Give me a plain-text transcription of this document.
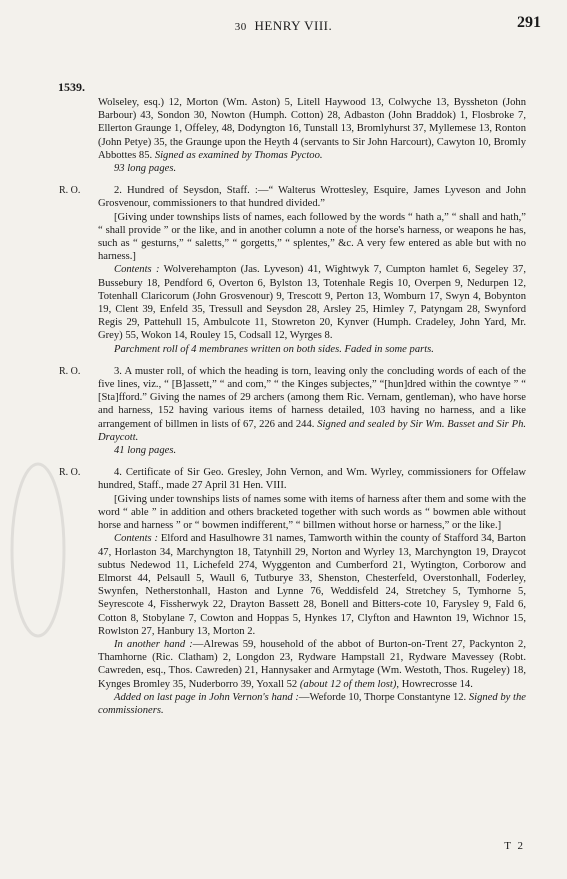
30 HENRY VIII.	291
1539.

Wolseley, esq.) 12, Morton (Wm. Aston) 5, Litell Haywood 13, Colwyche 13, Byssheton (John Barbour) 43, Sondon 30, Nowton (Humph. Cotton) 28, Adbaston (John Braddok) 1, Flosbroke 7, Ellerton Graunge 1, Offeley, 48, Dodyngton 16, Tunstall 13, Bromlyhurst 37, Myllemese 13, Ronton (John Petye) 35, the Graunge upon the Heyth 4 (servants to Sir John Harcourt), Cawyton 10, Bromly Abbottes 85. Signed as examined by Thomas Pyctoo.

93 long pages.

R. O.	2. Hundred of Seysdon, Staff. :—“ Walterus Wrottesley, Esquire, James Lyveson and John Grosvenour, commissioners to that hundred divided.”

[Giving under townships lists of names, each followed by the words “ hath a,” “ shall and hath,” “ shall provide ” or the like, and in another column a note of the horse's harness, or weapons he has, such as “ gesturns,” “ saletts,” “ gorgetts,” “ splentes,” &c. A very few entered as able but with no harness.]

Contents : Wolverehampton (Jas. Lyveson) 41, Wightwyk 7, Cumpton hamlet 6, Segeley 37, Bussebury 18, Pendford 6, Overton 6, Bylston 13, Totenhale Regis 10, Overpen 9, Nedurpen 12, Totenhall Claricorum (John Grosvenour) 9, Trescott 9, Perton 13, Womburn 17, Swyn 4, Bobynton 19, Clent 39, Enfeld 35, Tressull and Seysdon 28, Arsley 25, Himley 7, Patyngam 28, Swynford Regis 29, Pattehull 15, Ambulcote 11, Stowreton 20, Kynver (Humph. Cradeley, John Yard, Mr. Grey) 55, Wokon 14, Rouley 15, Codsall 12, Wyrges 8.

Parchment roll of 4 membranes written on both sides. Faded in some parts.

R. O.	3. A muster roll, of which the heading is torn, leaving only the concluding words of each of the five lines, viz., “ [B]assett,” “ and com,” “ the Kinges subjectes,” “[hun]dred within the cowntye ” “ [Sta]fford.” Giving the names of 29 archers (among them Ric. Vernam, gentleman), who have horse and harness, 152 having various items of harness detailed, 103 having no harness, and a like arrangement of billmen in lists of 67, 226 and 244. Signed and sealed by Sir Wm. Basset and Sir Ph. Draycott.

41 long pages.

R. O.	4. Certificate of Sir Geo. Gresley, John Vernon, and Wm. Wyrley, commissioners for Offelaw hundred, Staff., made 27 April 31 Hen. VIII.

[Giving under townships lists of names some with items of harness after them and some with the word “ able ” in addition and others bracketed together with such words as “ bowmen able without horse and harness ” or “ bowmen indifferent,” “ billmen without horse or harness,” or the like.]

Contents : Elford and Hasulhowre 31 names, Tamworth within the county of Stafford 34, Barton 47, Horlaston 34, Marchyngton 18, Tatynhill 29, Norton and Wyrley 13, Marchyngton 19, Draycot subtus Nedewod 11, Lichefeld 274, Wyggenton and Cumberford 21, Wytington, Corborow and Elmorst 44, Pelsaull 5, Waull 6, Tutburye 33, Shenston, Chesterfeld, Overstonhall, Foderley, Swynfen, Netherstonhall, Haston and Lynne 76, Weddisfeld 24, Stretchey 5, Tymhorne 5, Seyrescote 4, Fissherwyk 22, Drayton Bassett 28, Bonell and Bitters-cote 10, Farysley 9, Fald 6, Cotton 8, Stobylane 7, Cowton and Hoppas 5, Hynkes 17, Clyfton and Hawnton 19, Wichnor 15, Rowlston 27, Hanbury 13, Morton 2.

In another hand :—Alrewas 59, household of the abbot of Burton-on-Trent 27, Packynton 2, Thamhorne (Ric. Clatham) 2, Longdon 23, Rydware Hampstall 21, Rydware Mavessey (Robt. Cawreden, esq., Thos. Cawreden) 21, Hannysaker and Armytage (Wm. Westoth, Thos. Rugeley) 18, Kynges Bromley 35, Nuderborro 39, Yoxall 52 (about 12 of them lost), Howrecrosse 14.

Added on last page in John Vernon's hand :—Weforde 10, Thorpe Constantyne 12. Signed by the commissioners.

T 2
